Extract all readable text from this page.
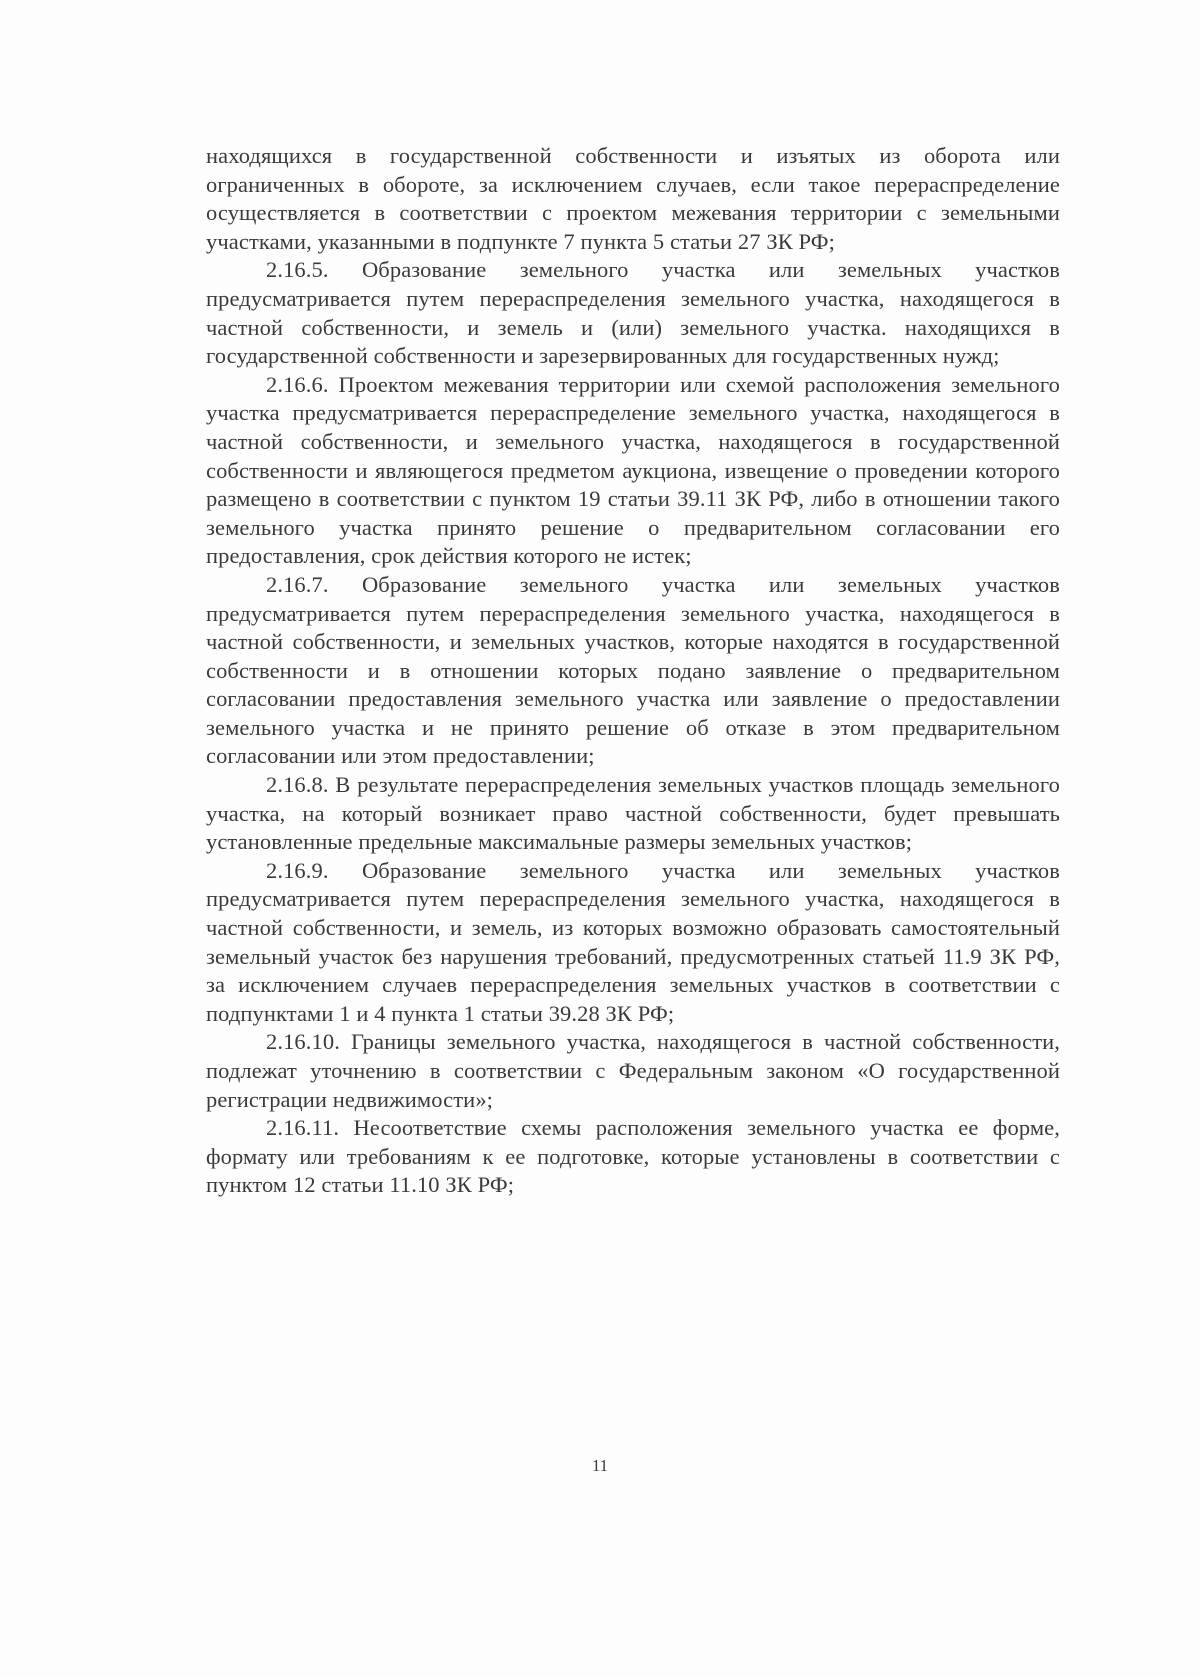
находящихся в государственной собственности и изъятых из оборота или ограниченных в обороте, за исключением случаев, если такое перераспределение осуществляется в соответствии с проектом межевания территории с земельными участками, указанными в подпункте 7 пункта 5 статьи 27 ЗК РФ;

2.16.5. Образование земельного участка или земельных участков предусматривается путем перераспределения земельного участка, находящегося в частной собственности, и земель и (или) земельного участка. находящихся в государственной собственности и зарезервированных для государственных нужд;

2.16.6. Проектом межевания территории или схемой расположения земельного участка предусматривается перераспределение земельного участка, находящегося в частной собственности, и земельного участка, находящегося в государственной собственности и являющегося предметом аукциона, извещение о проведении которого размещено в соответствии с пунктом 19 статьи 39.11 ЗК РФ, либо в отношении такого земельного участка принято решение о предварительном согласовании его предоставления, срок действия которого не истек;

2.16.7. Образование земельного участка или земельных участков предусматривается путем перераспределения земельного участка, находящегося в частной собственности, и земельных участков, которые находятся в государственной собственности и в отношении которых подано заявление о предварительном согласовании предоставления земельного участка или заявление о предоставлении земельного участка и не принято решение об отказе в этом предварительном согласовании или этом предоставлении;

2.16.8. В результате перераспределения земельных участков площадь земельного участка, на который возникает право частной собственности, будет превышать установленные предельные максимальные размеры земельных участков;

2.16.9. Образование земельного участка или земельных участков предусматривается путем перераспределения земельного участка, находящегося в частной собственности, и земель, из которых возможно образовать самостоятельный земельный участок без нарушения требований, предусмотренных статьей 11.9 ЗК РФ, за исключением случаев перераспределения земельных участков в соответствии с подпунктами 1 и 4 пункта 1 статьи 39.28 ЗК РФ;

2.16.10. Границы земельного участка, находящегося в частной собственности, подлежат уточнению в соответствии с Федеральным законом «О государственной регистрации недвижимости»;

2.16.11. Несоответствие схемы расположения земельного участка ее форме, формату или требованиям к ее подготовке, которые установлены в соответствии с пунктом 12 статьи 11.10 ЗК РФ;

11
